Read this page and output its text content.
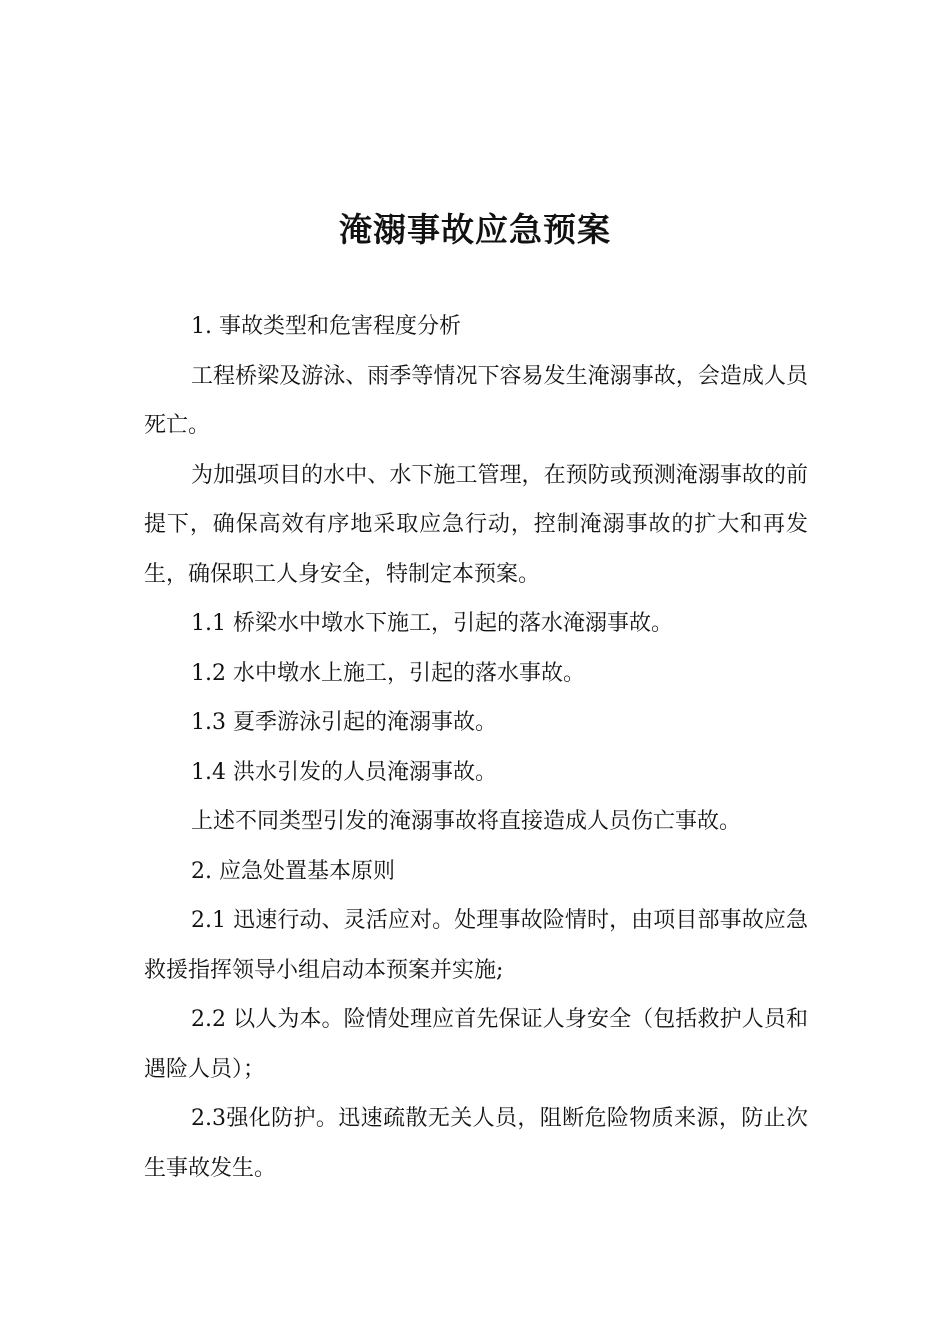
淹溺事故应急预案

1. 事故类型和危害程度分析

工程桥梁及游泳、雨季等情况下容易发生淹溺事故，会造成人员死亡。

为加强项目的水中、水下施工管理，在预防或预测淹溺事故的前提下，确保高效有序地采取应急行动，控制淹溺事故的扩大和再发生，确保职工人身安全，特制定本预案。

1.1 桥梁水中墩水下施工，引起的落水淹溺事故。

1.2 水中墩水上施工，引起的落水事故。

1.3 夏季游泳引起的淹溺事故。

1.4 洪水引发的人员淹溺事故。

上述不同类型引发的淹溺事故将直接造成人员伤亡事故。

2. 应急处置基本原则

2.1 迅速行动、灵活应对。处理事故险情时，由项目部事故应急救援指挥领导小组启动本预案并实施;

2.2 以人为本。险情处理应首先保证人身安全（包括救护人员和遇险人员）；

2.3强化防护。迅速疏散无关人员，阻断危险物质来源，防止次生事故发生。
